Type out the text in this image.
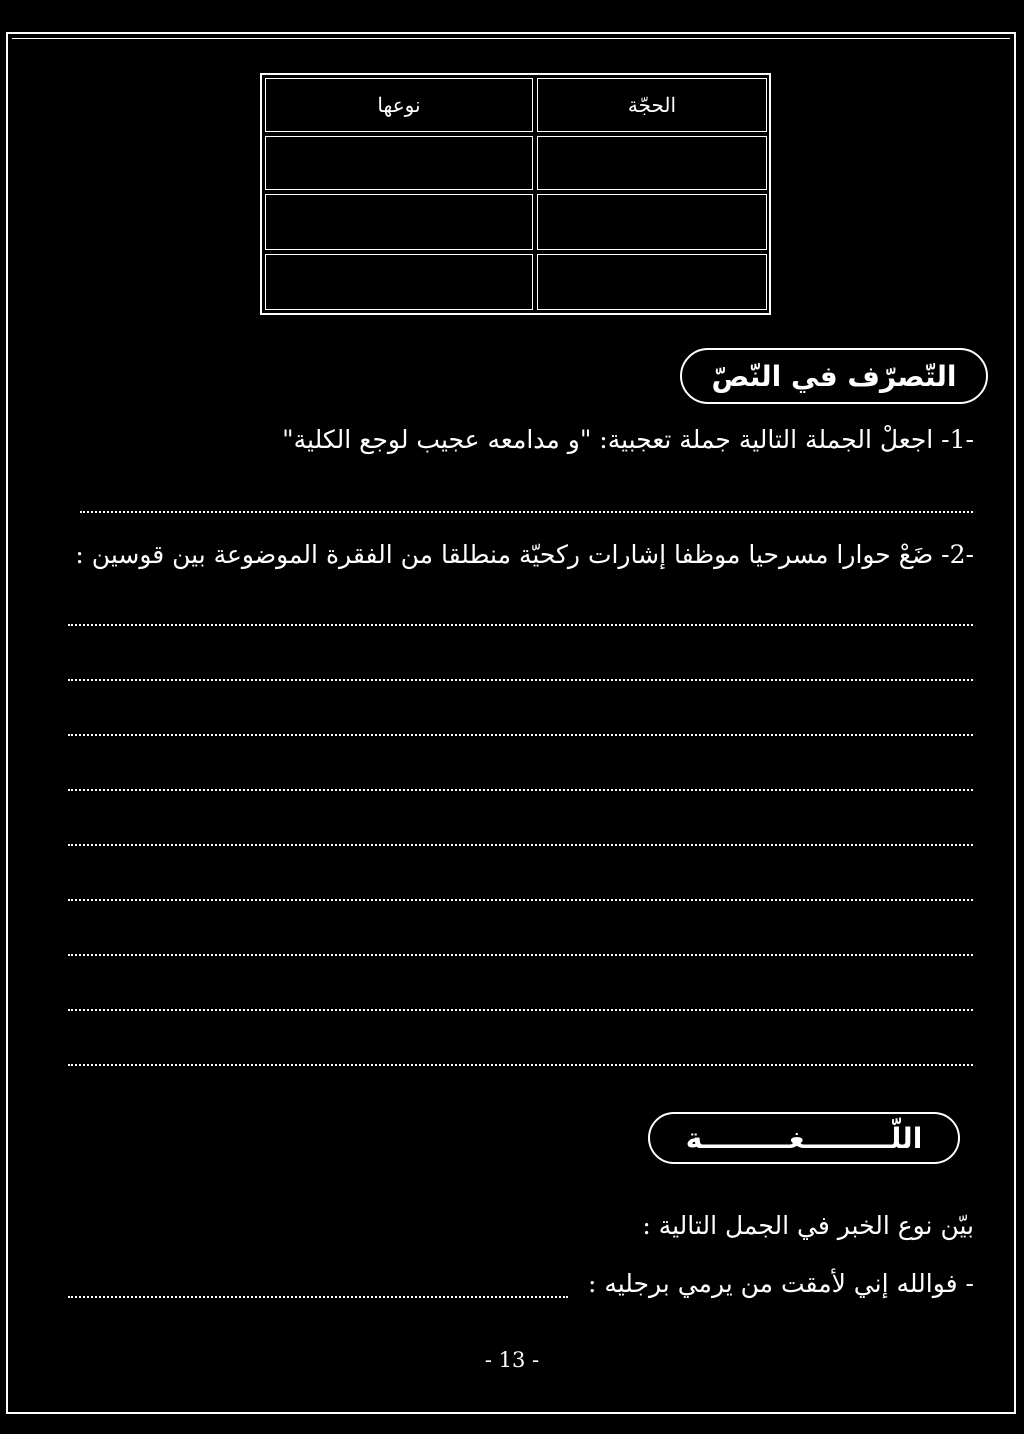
الحجّة
نوعها
التّصرّف في النّصّ
-1- اجعلْ الجملة التالية جملة تعجبية: "و مدامعه عجيب لوجع الكلية"
-2- ضَعْ حوارا مسرحيا موظفا إشارات ركحيّة منطلقا من الفقرة الموضوعة بين قوسين :
اللّـــــــــغـــــــــة
بيّن نوع الخبر في الجمل التالية :
- فوالله إني لأمقت من يرمي برجليه :
- 13 -
